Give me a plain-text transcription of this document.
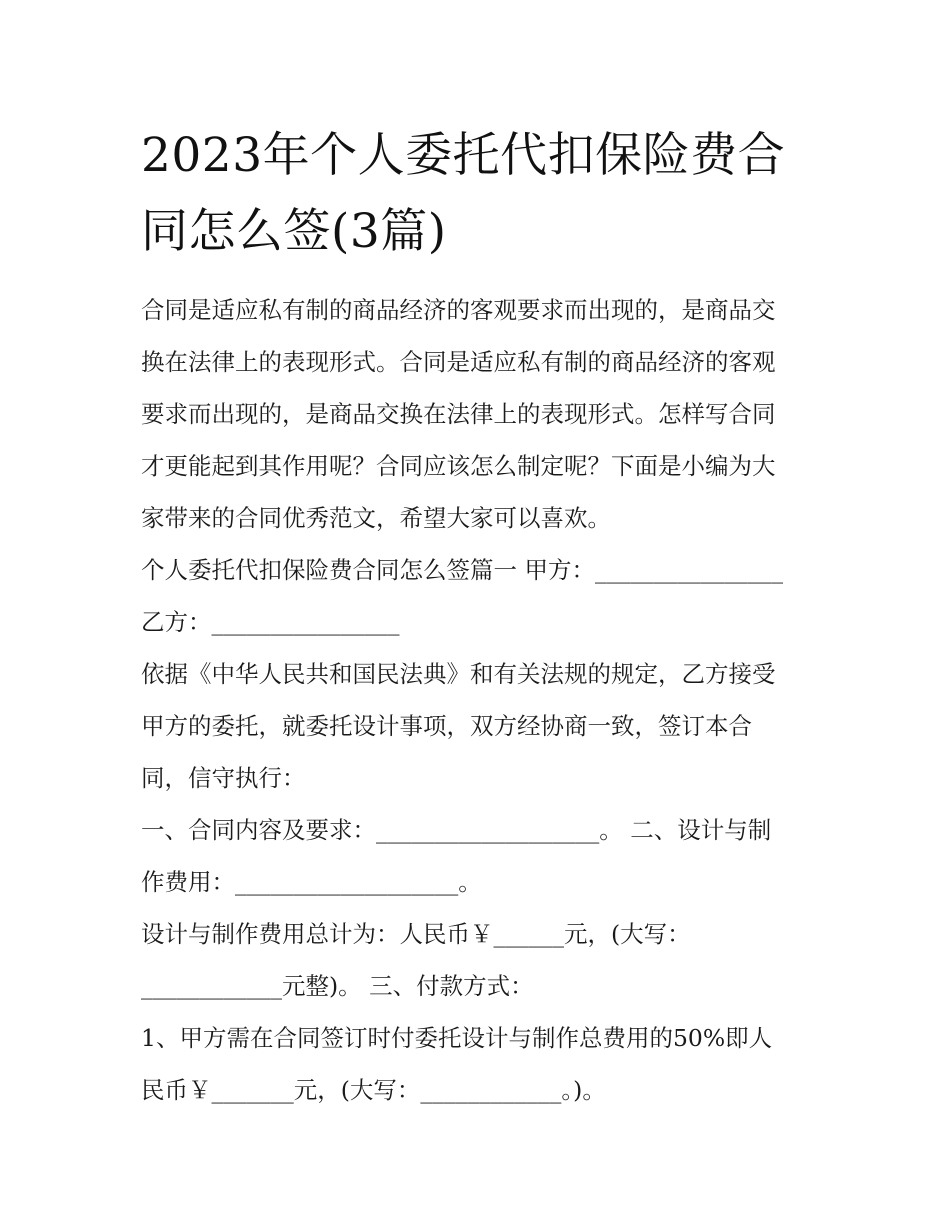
2023年个人委托代扣保险费合
同怎么签(3篇)
合同是适应私有制的商品经济的客观要求而出现的，是商品交
换在法律上的表现形式。合同是适应私有制的商品经济的客观
要求而出现的，是商品交换在法律上的表现形式。怎样写合同
才更能起到其作用呢？合同应该怎么制定呢？下面是小编为大
家带来的合同优秀范文，希望大家可以喜欢。
个人委托代扣保险费合同怎么签篇一 甲方：________________
乙方：________________
依据《中华人民共和国民法典》和有关法规的规定，乙方接受
甲方的委托，就委托设计事项，双方经协商一致，签订本合
同，信守执行：
一、合同内容及要求：___________________。 二、设计与制
作费用：___________________。
设计与制作费用总计为：人民币￥______元，(大写：
____________元整)。 三、付款方式：
1、甲方需在合同签订时付委托设计与制作总费用的50%即人
民币￥_______元，(大写：____________。)。
